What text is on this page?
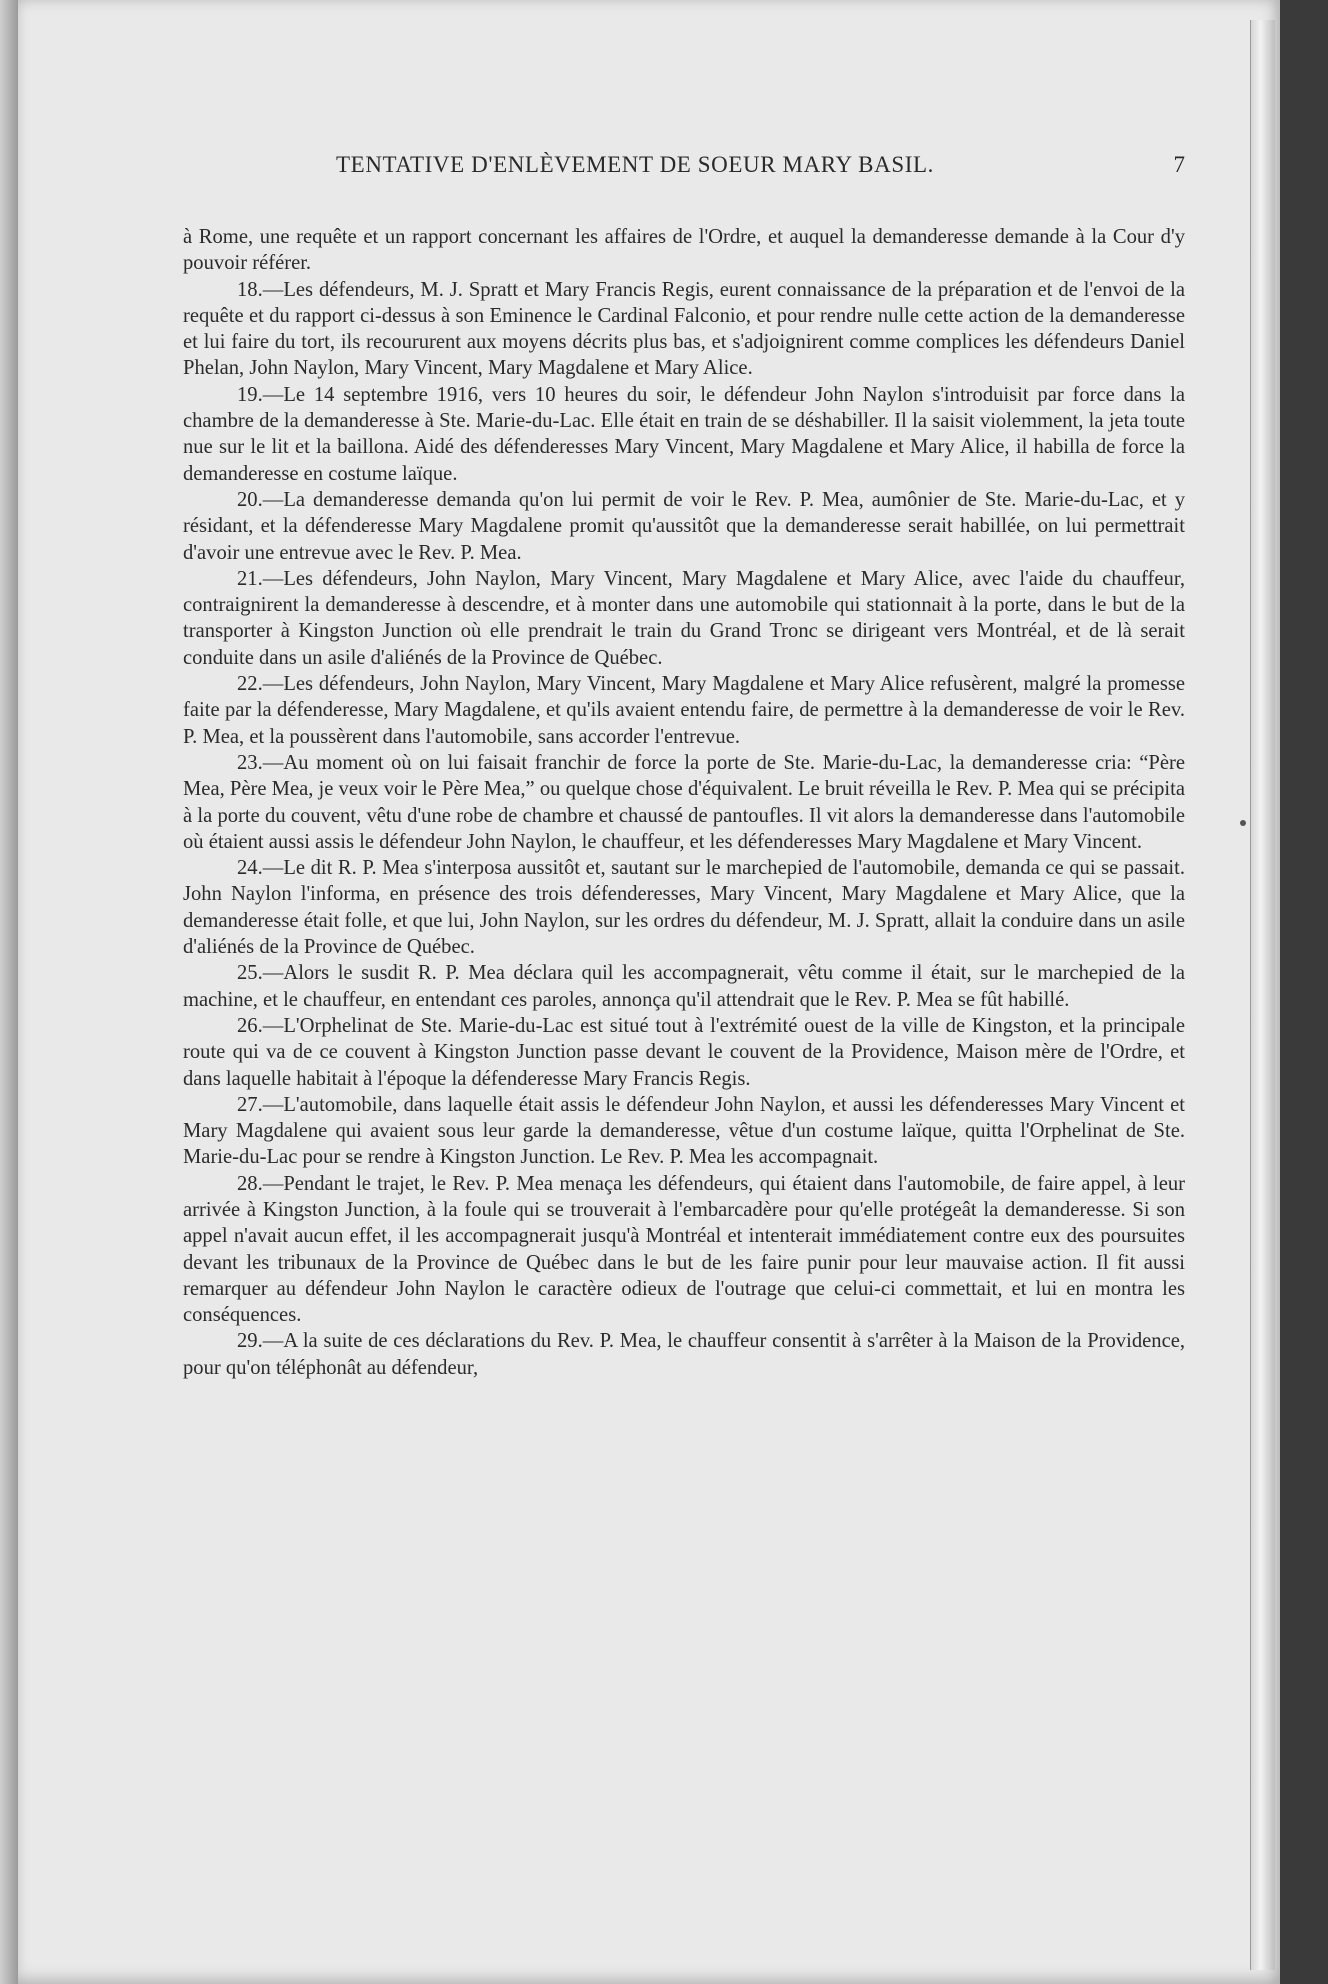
TENTATIVE D'ENLÈVEMENT DE SOEUR MARY BASIL.	7

à Rome, une requête et un rapport concernant les affaires de l'Ordre, et auquel la demanderesse demande à la Cour d'y pouvoir référer.

18.—Les défendeurs, M. J. Spratt et Mary Francis Regis, eurent connaissance de la préparation et de l'envoi de la requête et du rapport ci-dessus à son Eminence le Cardinal Falconio, et pour rendre nulle cette action de la demanderesse et lui faire du tort, ils recoururent aux moyens décrits plus bas, et s'adjoignirent comme complices les défendeurs Daniel Phelan, John Naylon, Mary Vincent, Mary Magdalene et Mary Alice.

19.—Le 14 septembre 1916, vers 10 heures du soir, le défendeur John Naylon s'introduisit par force dans la chambre de la demanderesse à Ste. Marie-du-Lac. Elle était en train de se déshabiller. Il la saisit violemment, la jeta toute nue sur le lit et la baillona. Aidé des défenderesses Mary Vincent, Mary Magdalene et Mary Alice, il habilla de force la demanderesse en costume laïque.

20.—La demanderesse demanda qu'on lui permit de voir le Rev. P. Mea, aumônier de Ste. Marie-du-Lac, et y résidant, et la défenderesse Mary Magdalene promit qu'aussitôt que la demanderesse serait habillée, on lui permettrait d'avoir une entrevue avec le Rev. P. Mea.

21.—Les défendeurs, John Naylon, Mary Vincent, Mary Magdalene et Mary Alice, avec l'aide du chauffeur, contraignirent la demanderesse à descendre, et à monter dans une automobile qui stationnait à la porte, dans le but de la transporter à Kingston Junction où elle prendrait le train du Grand Tronc se dirigeant vers Montréal, et de là serait conduite dans un asile d'aliénés de la Province de Québec.

22.—Les défendeurs, John Naylon, Mary Vincent, Mary Magdalene et Mary Alice refusèrent, malgré la promesse faite par la défenderesse, Mary Magdalene, et qu'ils avaient entendu faire, de permettre à la demanderesse de voir le Rev. P. Mea, et la poussèrent dans l'automobile, sans accorder l'entrevue.

23.—Au moment où on lui faisait franchir de force la porte de Ste. Marie-du-Lac, la demanderesse cria: “Père Mea, Père Mea, je veux voir le Père Mea,” ou quelque chose d'équivalent. Le bruit réveilla le Rev. P. Mea qui se précipita à la porte du couvent, vêtu d'une robe de chambre et chaussé de pantoufles. Il vit alors la demanderesse dans l'automobile où étaient aussi assis le défendeur John Naylon, le chauffeur, et les défenderesses Mary Magdalene et Mary Vincent.

24.—Le dit R. P. Mea s'interposa aussitôt et, sautant sur le marchepied de l'automobile, demanda ce qui se passait. John Naylon l'informa, en présence des trois défenderesses, Mary Vincent, Mary Magdalene et Mary Alice, que la demanderesse était folle, et que lui, John Naylon, sur les ordres du défendeur, M. J. Spratt, allait la conduire dans un asile d'aliénés de la Province de Québec.

25.—Alors le susdit R. P. Mea déclara quil les accompagnerait, vêtu comme il était, sur le marchepied de la machine, et le chauffeur, en entendant ces paroles, annonça qu'il attendrait que le Rev. P. Mea se fût habillé.

26.—L'Orphelinat de Ste. Marie-du-Lac est situé tout à l'extrémité ouest de la ville de Kingston, et la principale route qui va de ce couvent à Kingston Junction passe devant le couvent de la Providence, Maison mère de l'Ordre, et dans laquelle habitait à l'époque la défenderesse Mary Francis Regis.

27.—L'automobile, dans laquelle était assis le défendeur John Naylon, et aussi les défenderesses Mary Vincent et Mary Magdalene qui avaient sous leur garde la demanderesse, vêtue d'un costume laïque, quitta l'Orphelinat de Ste. Marie-du-Lac pour se rendre à Kingston Junction. Le Rev. P. Mea les accompagnait.

28.—Pendant le trajet, le Rev. P. Mea menaça les défendeurs, qui étaient dans l'automobile, de faire appel, à leur arrivée à Kingston Junction, à la foule qui se trouverait à l'embarcadère pour qu'elle protégeât la demanderesse. Si son appel n'avait aucun effet, il les accompagnerait jusqu'à Montréal et intenterait immédiatement contre eux des poursuites devant les tribunaux de la Province de Québec dans le but de les faire punir pour leur mauvaise action. Il fit aussi remarquer au défendeur John Naylon le caractère odieux de l'outrage que celui-ci commettait, et lui en montra les conséquences.

29.—A la suite de ces déclarations du Rev. P. Mea, le chauffeur consentit à s'arrêter à la Maison de la Providence, pour qu'on téléphonât au défendeur,
